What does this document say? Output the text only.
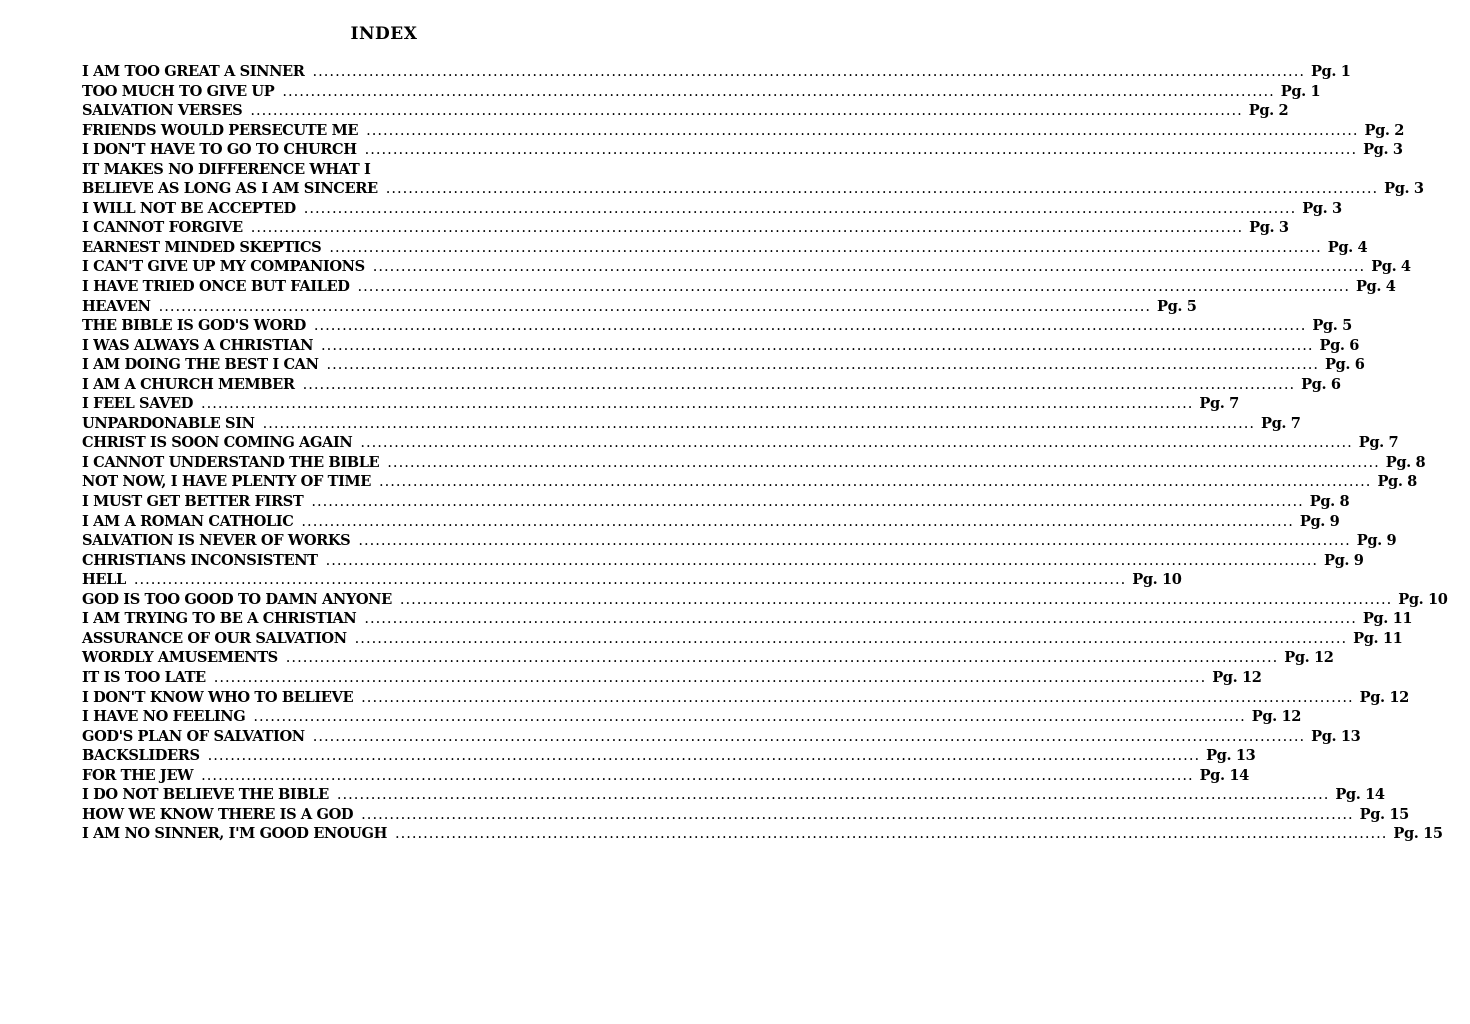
INDEX
I AM TOO GREAT A SINNER .....	Pg. 1
TOO MUCH TO GIVE UP .....	Pg. 1
SALVATION VERSES .....	Pg. 2
FRIENDS WOULD PERSECUTE ME .....	Pg. 2
I DON'T HAVE TO GO TO CHURCH .....	Pg. 3
IT MAKES NO DIFFERENCE WHAT I
BELIEVE AS LONG AS I AM SINCERE .....	Pg. 3
I WILL NOT BE ACCEPTED .....	Pg. 3
I CANNOT FORGIVE .....	Pg. 3
EARNEST MINDED SKEPTICS .....	Pg. 4
I CAN'T GIVE UP MY COMPANIONS .....	Pg. 4
I HAVE TRIED ONCE BUT FAILED .....	Pg. 4
HEAVEN .....	Pg. 5
THE BIBLE IS GOD'S WORD .....	Pg. 5
I WAS ALWAYS A CHRISTIAN .....	Pg. 6
I AM DOING THE BEST I CAN .....	Pg. 6
I AM A CHURCH MEMBER .....	Pg. 6
I FEEL SAVED .....	Pg. 7
UNPARDONABLE SIN .....	Pg. 7
CHRIST IS SOON COMING AGAIN .....	Pg. 7
I CANNOT UNDERSTAND THE BIBLE .....	Pg. 8
NOT NOW, I HAVE PLENTY OF TIME .....	Pg. 8
I MUST GET BETTER FIRST .....	Pg. 8
I AM A ROMAN CATHOLIC .....	Pg. 9
SALVATION IS NEVER OF WORKS .....	Pg. 9
CHRISTIANS INCONSISTENT .....	Pg. 9
HELL .....	Pg. 10
GOD IS TOO GOOD TO DAMN ANYONE .....	Pg. 10
I AM TRYING TO BE A CHRISTIAN .....	Pg. 11
ASSURANCE OF OUR SALVATION .....	Pg. 11
WORDLY AMUSEMENTS .....	Pg. 12
IT IS TOO LATE .....	Pg. 12
I DON'T KNOW WHO TO BELIEVE .....	Pg. 12
I HAVE NO FEELING .....	Pg. 12
GOD'S PLAN OF SALVATION .....	Pg. 13
BACKSLIDERS .....	Pg. 13
FOR THE JEW .....	Pg. 14
I DO NOT BELIEVE THE BIBLE .....	Pg. 14
HOW WE KNOW THERE IS A GOD .....	Pg. 15
I AM NO SINNER, I'M GOOD ENOUGH .....	Pg. 15
